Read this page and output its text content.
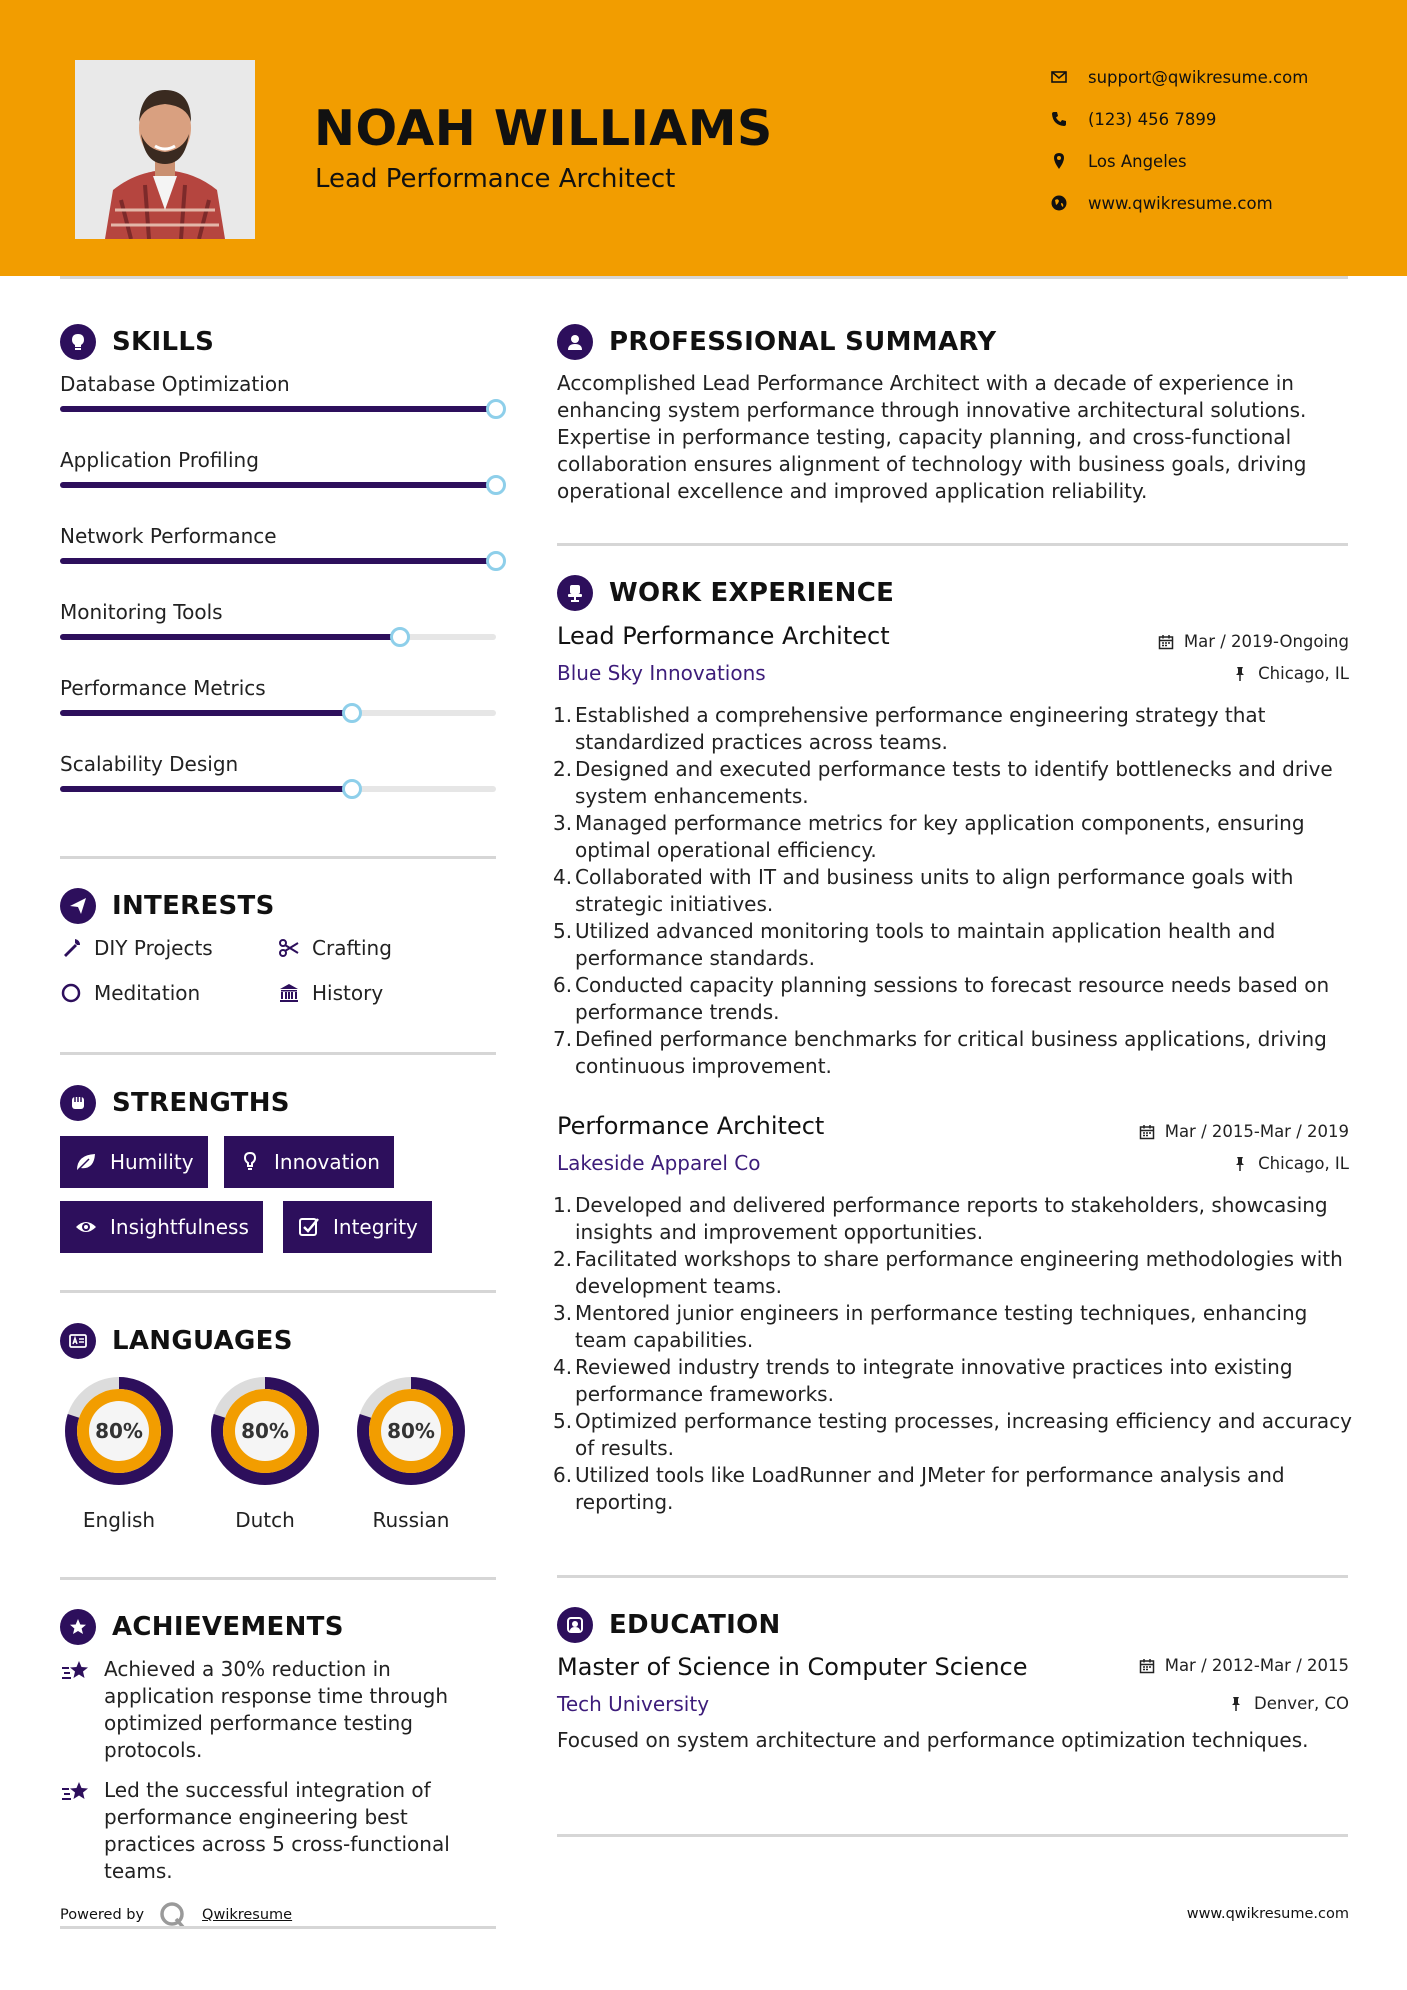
NOAH WILLIAMS
Lead Performance Architect
support@qwikresume.com
(123) 456 7899
Los Angeles
www.qwikresume.com
SKILLS
Database Optimization
Application Profiling
Network Performance
Monitoring Tools
Performance Metrics
Scalability Design
INTERESTS
DIY Projects	Crafting
Meditation	History
STRENGTHS
Humility	Innovation
Insightfulness	Integrity
LANGUAGES
80%
English
80%
Dutch
80%
Russian
ACHIEVEMENTS
Achieved a 30% reduction in application response time through optimized performance testing protocols.
Led the successful integration of performance engineering best practices across 5 cross-functional teams.
PROFESSIONAL SUMMARY
Accomplished Lead Performance Architect with a decade of experience in enhancing system performance through innovative architectural solutions. Expertise in performance testing, capacity planning, and cross-functional collaboration ensures alignment of technology with business goals, driving operational excellence and improved application reliability.
WORK EXPERIENCE
Lead Performance Architect	Mar / 2019-Ongoing
Blue Sky Innovations	Chicago, IL
1. Established a comprehensive performance engineering strategy that standardized practices across teams.
2. Designed and executed performance tests to identify bottlenecks and drive system enhancements.
3. Managed performance metrics for key application components, ensuring optimal operational efficiency.
4. Collaborated with IT and business units to align performance goals with strategic initiatives.
5. Utilized advanced monitoring tools to maintain application health and performance standards.
6. Conducted capacity planning sessions to forecast resource needs based on performance trends.
7. Defined performance benchmarks for critical business applications, driving continuous improvement.
Performance Architect	Mar / 2015-Mar / 2019
Lakeside Apparel Co	Chicago, IL
1. Developed and delivered performance reports to stakeholders, showcasing insights and improvement opportunities.
2. Facilitated workshops to share performance engineering methodologies with development teams.
3. Mentored junior engineers in performance testing techniques, enhancing team capabilities.
4. Reviewed industry trends to integrate innovative practices into existing performance frameworks.
5. Optimized performance testing processes, increasing efficiency and accuracy of results.
6. Utilized tools like LoadRunner and JMeter for performance analysis and reporting.
EDUCATION
Master of Science in Computer Science	Mar / 2012-Mar / 2015
Tech University	Denver, CO
Focused on system architecture and performance optimization techniques.
Powered by	Qwikresume	www.qwikresume.com
